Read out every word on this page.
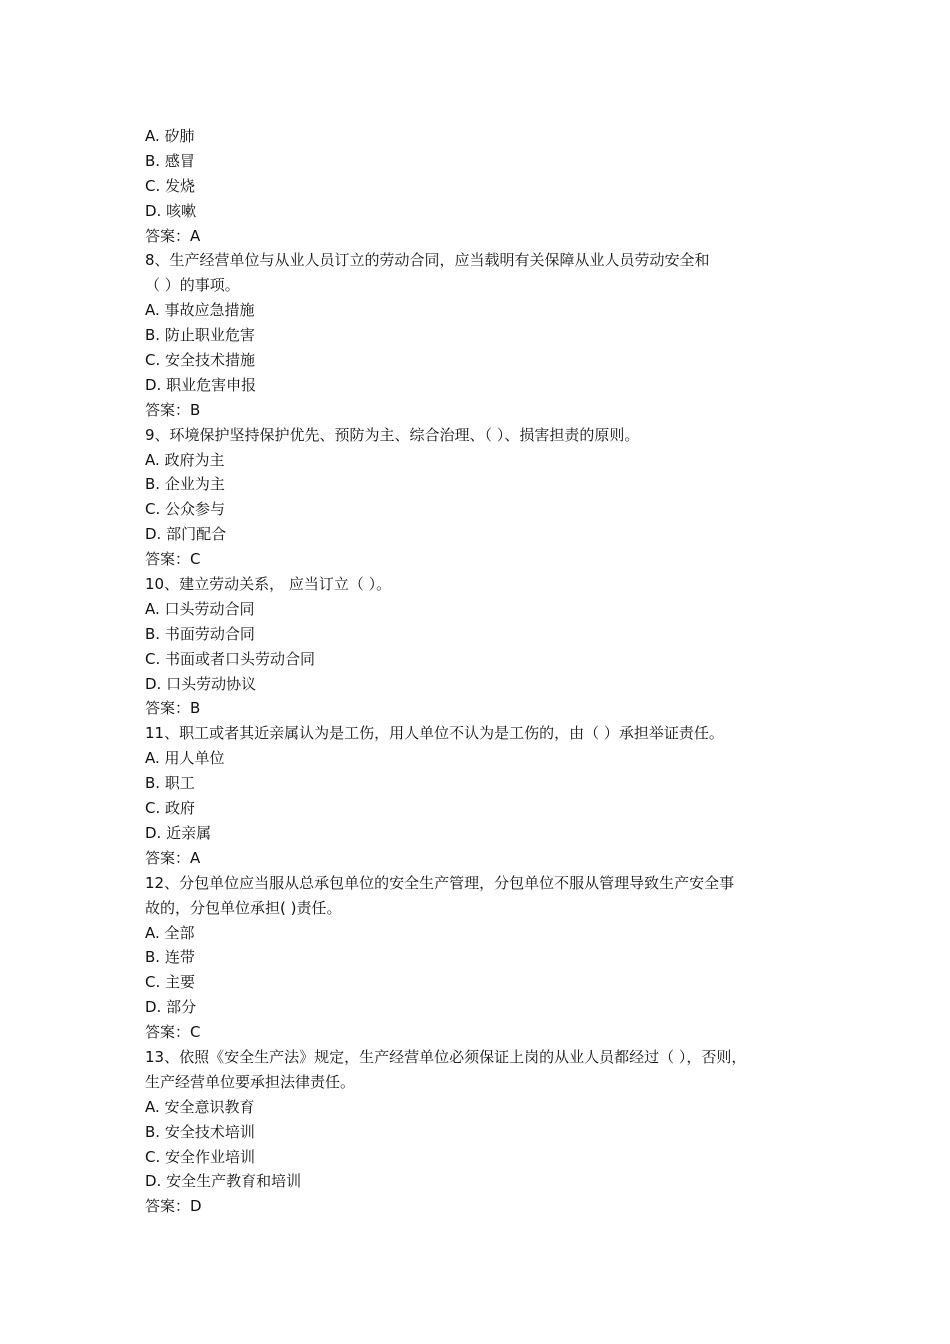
A. 矽肺
B. 感冒
C. 发烧
D. 咳嗽
答案：A
8、生产经营单位与从业人员订立的劳动合同，应当载明有关保障从业人员劳动安全和
（ ）的事项。
A. 事故应急措施
B. 防止职业危害
C. 安全技术措施
D. 职业危害申报
答案：B
9、环境保护坚持保护优先、预防为主、综合治理、（ ）、损害担责的原则。
A. 政府为主
B. 企业为主
C. 公众参与
D. 部门配合
答案：C
10、建立劳动关系， 应当订立（ ）。
A. 口头劳动合同
B. 书面劳动合同
C. 书面或者口头劳动合同
D. 口头劳动协议
答案：B
11、职工或者其近亲属认为是工伤，用人单位不认为是工伤的，由（ ）承担举证责任。
A. 用人单位
B. 职工
C. 政府
D. 近亲属
答案：A
12、分包单位应当服从总承包单位的安全生产管理，分包单位不服从管理导致生产安全事
故的，分包单位承担( )责任。
A. 全部
B. 连带
C. 主要
D. 部分
答案：C
13、依照《安全生产法》规定，生产经营单位必须保证上岗的从业人员都经过（ ），否则，
生产经营单位要承担法律责任。
A. 安全意识教育
B. 安全技术培训
C. 安全作业培训
D. 安全生产教育和培训
答案：D
